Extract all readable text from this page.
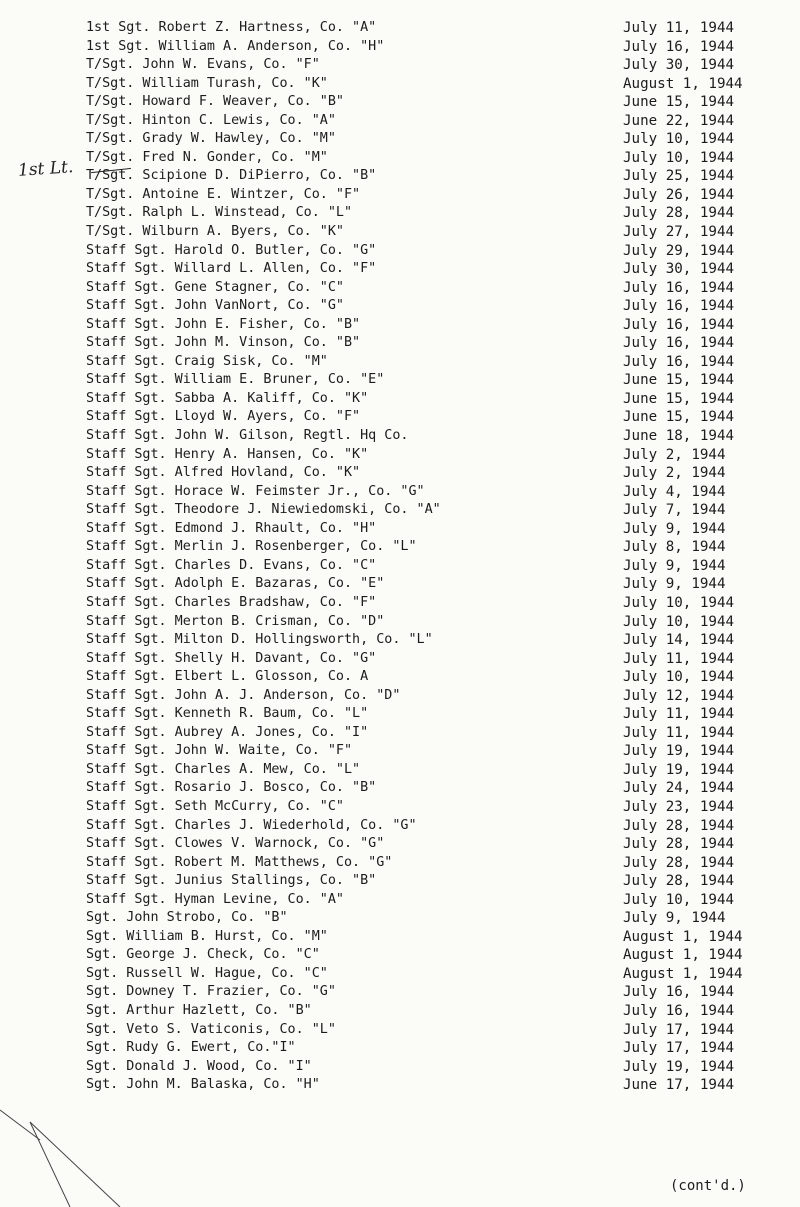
1st Lt.
1st Sgt. Robert Z. Hartness, Co. "A"	July 11, 1944
1st Sgt. William A. Anderson, Co. "H"	July 16, 1944
T/Sgt. John W. Evans, Co. "F"	July 30, 1944
T/Sgt. William Turash, Co. "K"	August 1, 1944
T/Sgt. Howard F. Weaver, Co. "B"	June 15, 1944
T/Sgt. Hinton C. Lewis, Co. "A"	June 22, 1944
T/Sgt. Grady W. Hawley, Co. "M"	July 10, 1944
T/Sgt. Fred N. Gonder, Co. "M"	July 10, 1944
T/Sgt. Scipione D. DiPierro, Co. "B"	July 25, 1944
T/Sgt. Antoine E. Wintzer, Co. "F"	July 26, 1944
T/Sgt. Ralph L. Winstead, Co. "L"	July 28, 1944
T/Sgt. Wilburn A. Byers, Co. "K"	July 27, 1944
Staff Sgt. Harold O. Butler, Co. "G"	July 29, 1944
Staff Sgt. Willard L. Allen, Co. "F"	July 30, 1944
Staff Sgt. Gene Stagner, Co. "C"	July 16, 1944
Staff Sgt. John VanNort, Co. "G"	July 16, 1944
Staff Sgt. John E. Fisher, Co. "B"	July 16, 1944
Staff Sgt. John M. Vinson, Co. "B"	July 16, 1944
Staff Sgt. Craig Sisk, Co. "M"	July 16, 1944
Staff Sgt. William E. Bruner, Co. "E"	June 15, 1944
Staff Sgt. Sabba A. Kaliff, Co. "K"	June 15, 1944
Staff Sgt. Lloyd W. Ayers, Co. "F"	June 15, 1944
Staff Sgt. John W. Gilson, Regtl. Hq Co.	June 18, 1944
Staff Sgt. Henry A. Hansen, Co. "K"	July 2, 1944
Staff Sgt. Alfred Hovland, Co. "K"	July 2, 1944
Staff Sgt. Horace W. Feimster Jr., Co. "G"	July 4, 1944
Staff Sgt. Theodore J. Niewiedomski, Co. "A"	July 7, 1944
Staff Sgt. Edmond J. Rhault, Co. "H"	July 9, 1944
Staff Sgt. Merlin J. Rosenberger, Co. "L"	July 8, 1944
Staff Sgt. Charles D. Evans, Co. "C"	July 9, 1944
Staff Sgt. Adolph E. Bazaras, Co. "E"	July 9, 1944
Staff Sgt. Charles Bradshaw, Co. "F"	July 10, 1944
Staff Sgt. Merton B. Crisman, Co. "D"	July 10, 1944
Staff Sgt. Milton D. Hollingsworth, Co. "L"	July 14, 1944
Staff Sgt. Shelly H. Davant, Co. "G"	July 11, 1944
Staff Sgt. Elbert L. Glosson, Co. A	July 10, 1944
Staff Sgt. John A. J. Anderson, Co. "D"	July 12, 1944
Staff Sgt. Kenneth R. Baum, Co. "L"	July 11, 1944
Staff Sgt. Aubrey A. Jones, Co. "I"	July 11, 1944
Staff Sgt. John W. Waite, Co. "F"	July 19, 1944
Staff Sgt. Charles A. Mew, Co. "L"	July 19, 1944
Staff Sgt. Rosario J. Bosco, Co. "B"	July 24, 1944
Staff Sgt. Seth McCurry, Co. "C"	July 23, 1944
Staff Sgt. Charles J. Wiederhold, Co. "G"	July 28, 1944
Staff Sgt. Clowes V. Warnock, Co. "G"	July 28, 1944
Staff Sgt. Robert M. Matthews, Co. "G"	July 28, 1944
Staff Sgt. Junius Stallings, Co. "B"	July 28, 1944
Staff Sgt. Hyman Levine, Co. "A"	July 10, 1944
Sgt. John Strobo, Co. "B"	July 9, 1944
Sgt. William B. Hurst, Co. "M"	August 1, 1944
Sgt. George J. Check, Co. "C"	August 1, 1944
Sgt. Russell W. Hague, Co. "C"	August 1, 1944
Sgt. Downey T. Frazier, Co. "G"	July 16, 1944
Sgt. Arthur Hazlett, Co. "B"	July 16, 1944
Sgt. Veto S. Vaticonis, Co. "L"	July 17, 1944
Sgt. Rudy G. Ewert, Co."I"	July 17, 1944
Sgt. Donald J. Wood, Co. "I"	July 19, 1944
Sgt. John M. Balaska, Co. "H"	June 17, 1944
(cont'd.)
